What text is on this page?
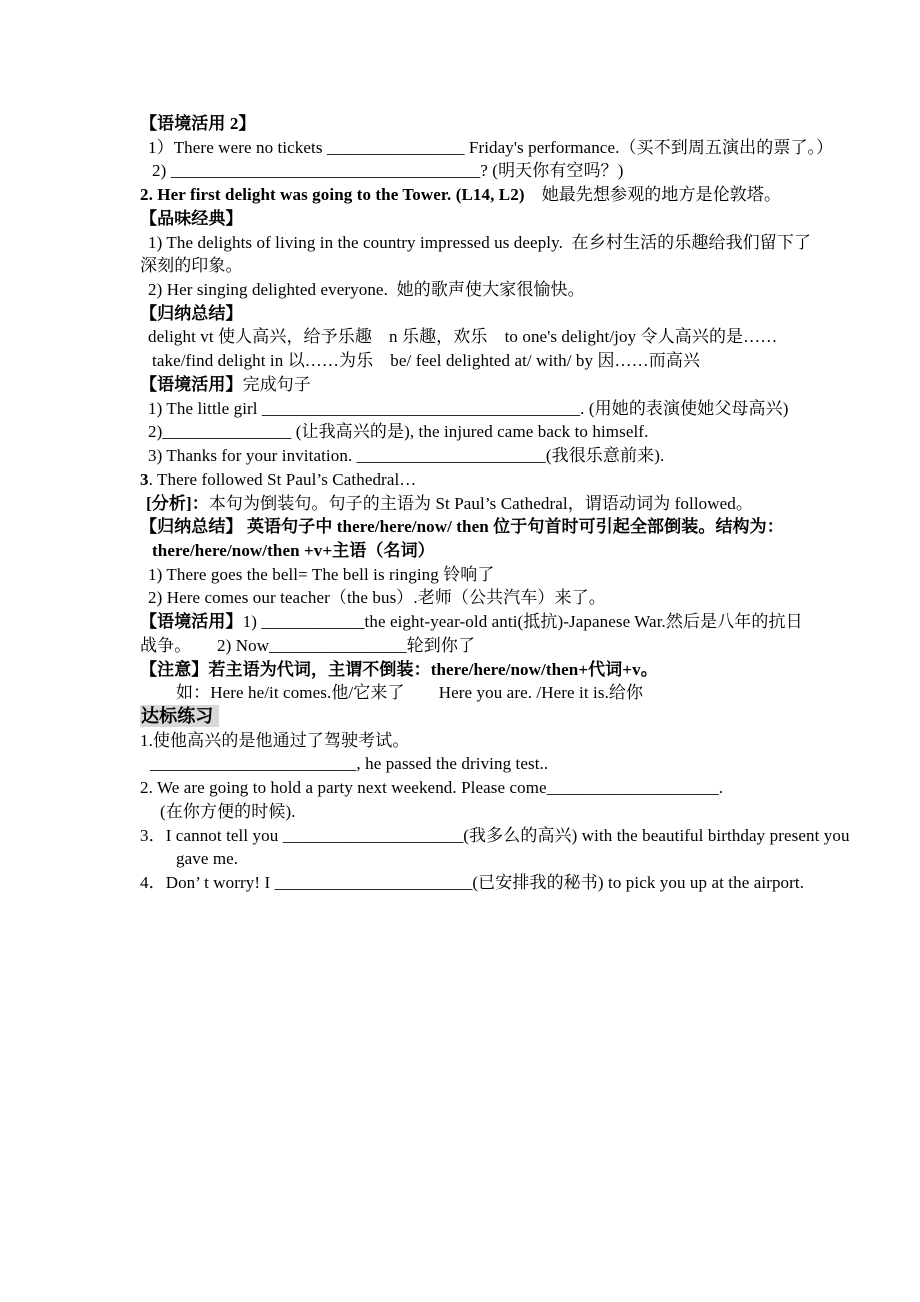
【语境活用 2】

1）There were no tickets ________________ Friday's performance.（买不到周五演出的票了。）

2) ____________________________________? (明天你有空吗？)

2. Her first delight was going to the Tower. (L14, L2)　她最先想参观的地方是伦敦塔。

【品味经典】

1) The delights of living in the country impressed us deeply.  在乡村生活的乐趣给我们留下了

深刻的印象。

2) Her singing delighted everyone.  她的歌声使大家很愉快。

【归纳总结】

delight vt 使人高兴，给予乐趣　n 乐趣，欢乐　to one's delight/joy 令人高兴的是……

take/find delight in 以……为乐　be/ feel delighted at/ with/ by 因……而高兴

【语境活用】完成句子

1) The little girl _____________________________________. (用她的表演使她父母高兴)

2)_______________ (让我高兴的是), the injured came back to himself.

3) Thanks for your invitation. ______________________(我很乐意前来).

3. There followed St Paul’s Cathedral…

[分析]：本句为倒装句。句子的主语为 St Paul’s Cathedral，谓语动词为 followed。

【归纳总结】 英语句子中 there/here/now/ then 位于句首时可引起全部倒装。结构为：

there/here/now/then +v+主语（名词）

1) There goes the bell= The bell is ringing 铃响了

2) Here comes our teacher（the bus）.老师（公共汽车）来了。

【语境活用】1) ____________the eight-year-old anti(抵抗)-Japanese War.然后是八年的抗日

战争。　　2) Now________________轮到你了

【注意】若主语为代词，主谓不倒装：there/here/now/then+代词+v。

如：Here he/it comes.他/它来了　　Here you are. /Here it is.给你

达标练习

1.使他高兴的是他通过了驾驶考试。

________________________, he passed the driving test..

2. We are going to hold a party next weekend. Please come____________________.

(在你方便的时候).

3．I cannot tell you _____________________(我多么的高兴) with the beautiful birthday present you

gave me.

4．Don’ t worry! I _______________________(已安排我的秘书) to pick you up at the airport.
